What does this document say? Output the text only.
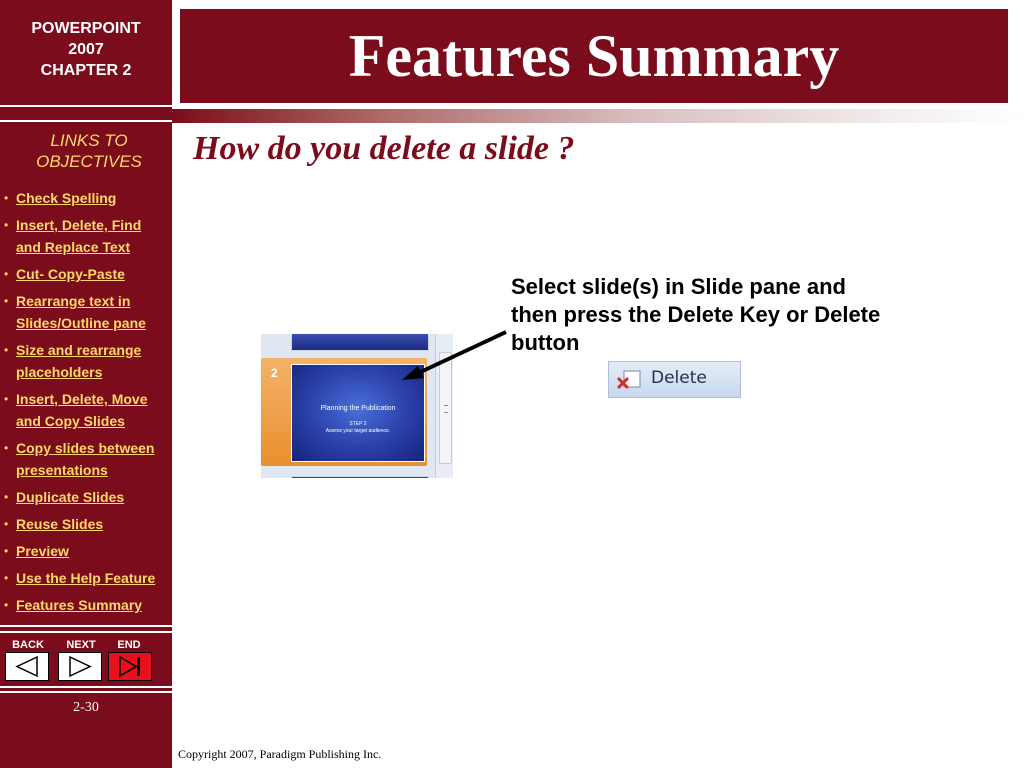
POWERPOINT
2007
CHAPTER 2
LINKS TO OBJECTIVES
• Check Spelling
• Insert, Delete, Find and Replace Text
• Cut- Copy-Paste
• Rearrange text in Slides/Outline pane
• Size and rearrange placeholders
• Insert, Delete, Move and Copy Slides
• Copy slides between presentations
• Duplicate Slides
• Reuse Slides
• Preview
• Use the Help Feature
• Features Summary
BACK	NEXT	END
2-30
Features Summary
How do you delete a slide ?
Select slide(s) in Slide pane and then press the Delete Key or Delete button
2
Planning the Publication
STEP 2
Assess your target audience.
Delete
Copyright 2007, Paradigm Publishing Inc.
